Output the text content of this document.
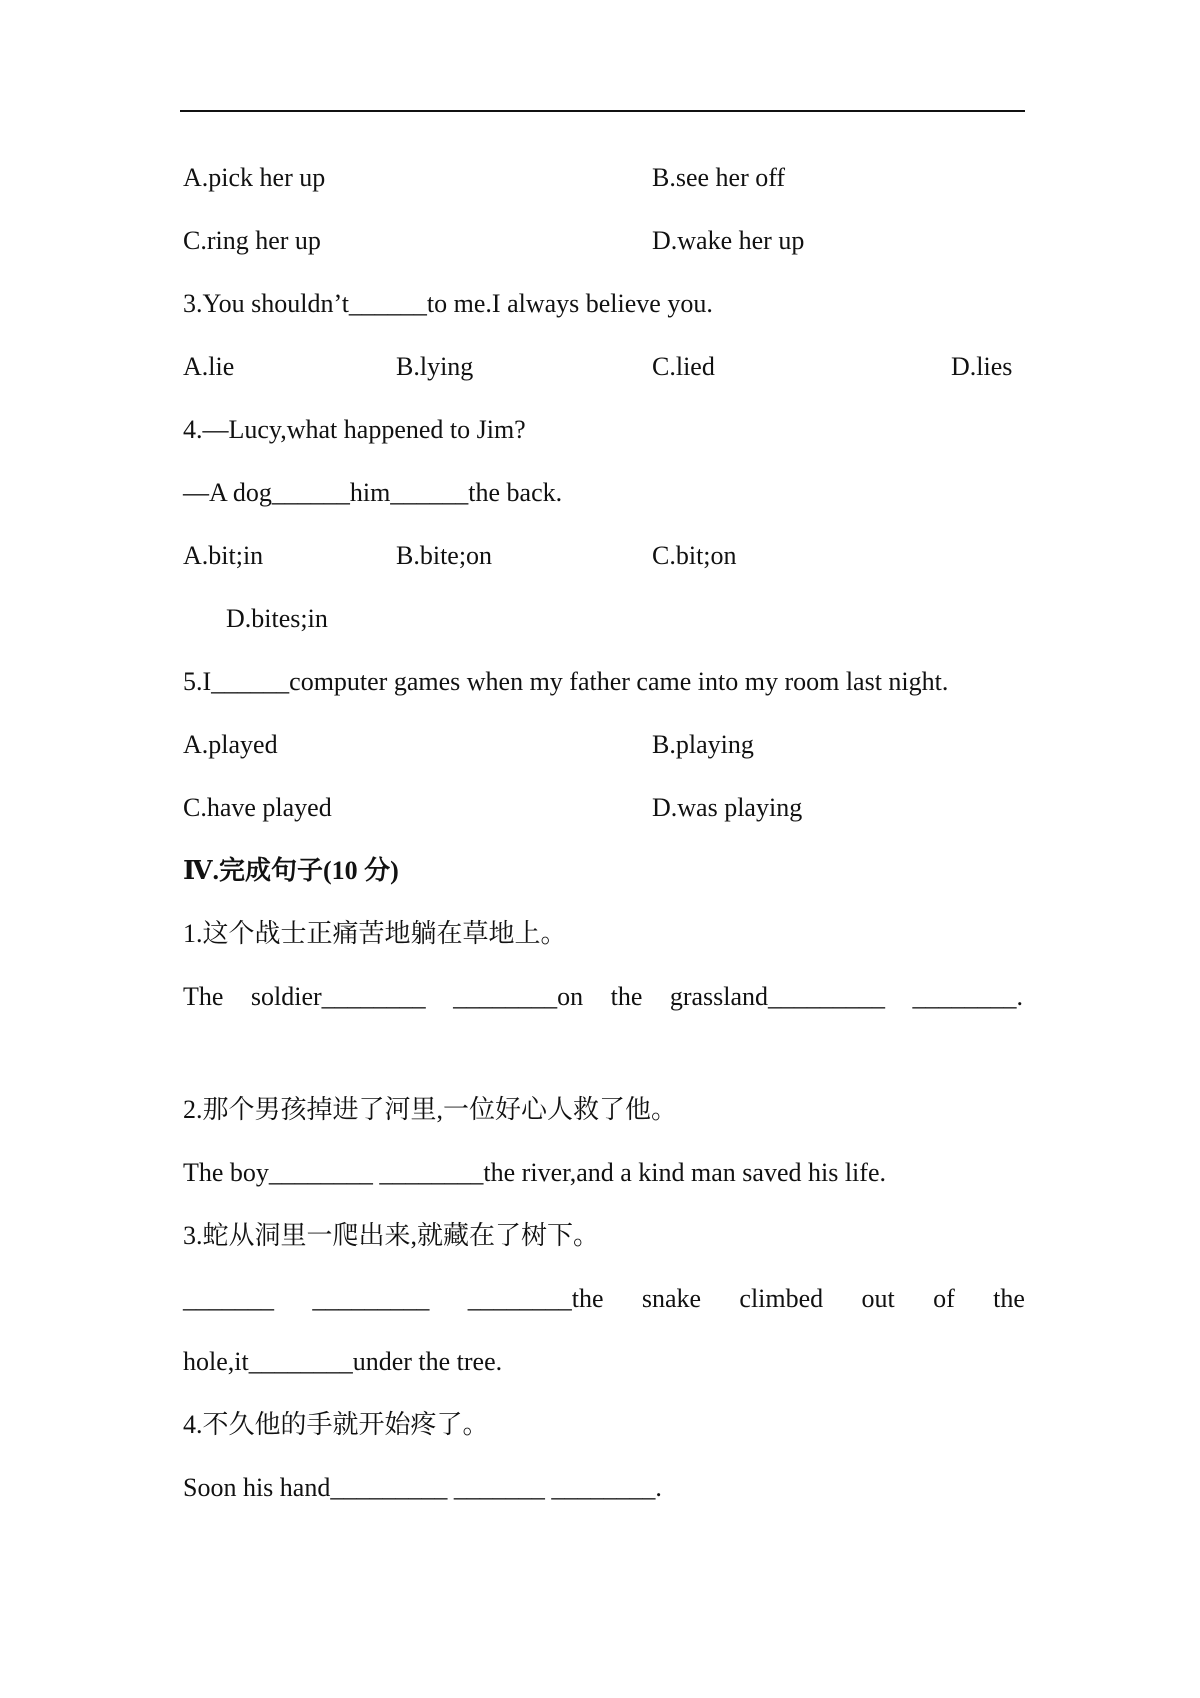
A.pick her up	B.see her off
C.ring her up	D.wake her up
3.You shouldn’t______to me.I always believe you.
A.lie	B.lying	C.lied	D.lies
4.—Lucy,what happened to Jim?
—A dog______him______the back.
A.bit;in	B.bite;on	C.bit;on
D.bites;in
5.I______computer games when my father came into my room last night.
A.played	B.playing
C.have played	D.was playing
Ⅳ.完成句子(10 分)
1.这个战士正痛苦地躺在草地上。
The soldier________ ________on the grassland_________ ________.
2.那个男孩掉进了河里,一位好心人救了他。
The boy________ ________the river,and a kind man saved his life.
3.蛇从洞里一爬出来,就藏在了树下。
_______ _________ ________the snake climbed out of the
hole,it________under the tree.
4.不久他的手就开始疼了。
Soon his hand_________ _______ ________.
